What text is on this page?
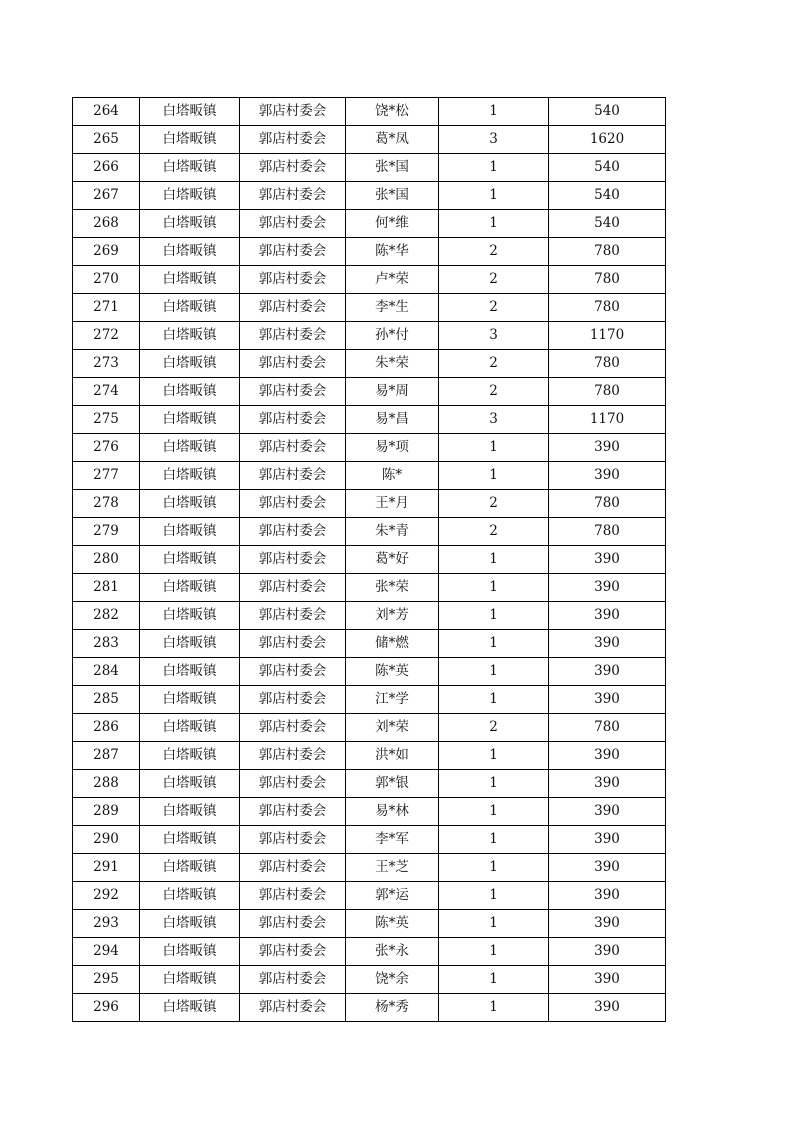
264	白塔畈镇	郭店村委会	饶*松	1	540
265	白塔畈镇	郭店村委会	葛*凤	3	1620
266	白塔畈镇	郭店村委会	张*国	1	540
267	白塔畈镇	郭店村委会	张*国	1	540
268	白塔畈镇	郭店村委会	何*维	1	540
269	白塔畈镇	郭店村委会	陈*华	2	780
270	白塔畈镇	郭店村委会	卢*荣	2	780
271	白塔畈镇	郭店村委会	李*生	2	780
272	白塔畈镇	郭店村委会	孙*付	3	1170
273	白塔畈镇	郭店村委会	朱*荣	2	780
274	白塔畈镇	郭店村委会	易*周	2	780
275	白塔畈镇	郭店村委会	易*昌	3	1170
276	白塔畈镇	郭店村委会	易*项	1	390
277	白塔畈镇	郭店村委会	陈*	1	390
278	白塔畈镇	郭店村委会	王*月	2	780
279	白塔畈镇	郭店村委会	朱*青	2	780
280	白塔畈镇	郭店村委会	葛*好	1	390
281	白塔畈镇	郭店村委会	张*荣	1	390
282	白塔畈镇	郭店村委会	刘*芳	1	390
283	白塔畈镇	郭店村委会	储*燃	1	390
284	白塔畈镇	郭店村委会	陈*英	1	390
285	白塔畈镇	郭店村委会	江*学	1	390
286	白塔畈镇	郭店村委会	刘*荣	2	780
287	白塔畈镇	郭店村委会	洪*如	1	390
288	白塔畈镇	郭店村委会	郭*银	1	390
289	白塔畈镇	郭店村委会	易*林	1	390
290	白塔畈镇	郭店村委会	李*军	1	390
291	白塔畈镇	郭店村委会	王*芝	1	390
292	白塔畈镇	郭店村委会	郭*运	1	390
293	白塔畈镇	郭店村委会	陈*英	1	390
294	白塔畈镇	郭店村委会	张*永	1	390
295	白塔畈镇	郭店村委会	饶*余	1	390
296	白塔畈镇	郭店村委会	杨*秀	1	390
